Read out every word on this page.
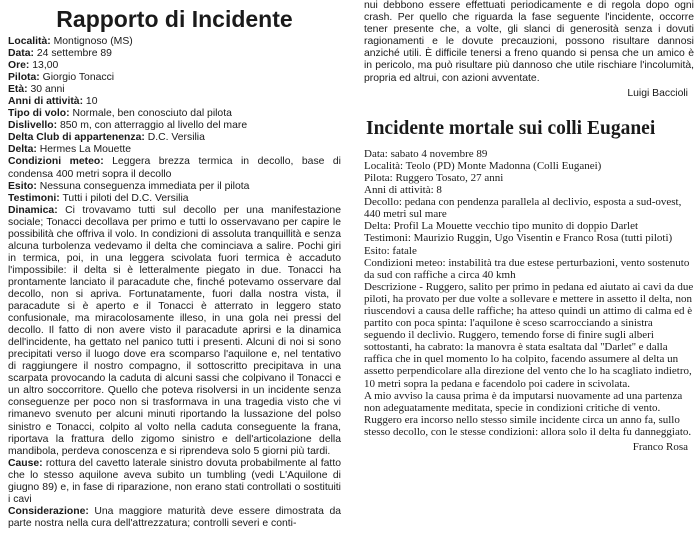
Rapporto di Incidente

Località: Montignoso (MS)

Data: 24 settembre 89

Ore: 13,00

Pilota: Giorgio Tonacci

Età: 30 anni

Anni di attività: 10

Tipo di volo: Normale, ben conosciuto dal pilota

Dislivello: 850 m, con atterraggio al livello del mare

Delta Club di appartenenza: D.C. Versilia

Delta: Hermes La Mouette

Condizioni meteo: Leggera brezza termica in decollo, base di condensa 400 metri sopra il decollo

Esito: Nessuna conseguenza immediata per il pilota

Testimoni: Tutti i piloti del D.C. Versilia

Dinamica: Ci trovavamo tutti sul decollo per una manifestazione sociale; Tonacci decollava per primo e tutti lo osservavano per capire le possibilità che offriva il volo. In condizioni di assoluta tranquillità e senza alcuna turbolenza vedevamo il delta che cominciava a salire. Pochi giri in termica, poi, in una leggera scivolata fuori termica è accaduto l'impossibile: il delta si è letteralmente piegato in due. Tonacci ha prontamente lanciato il paracadute che, finché potevamo osservare dal decollo, non si apriva. Fortunatamente, fuori dalla nostra vista, il paracadute si è aperto e il Tonacci è atterrato in leggero stato confusionale, ma miracolosamente illeso, in una gola nei pressi del decollo. Il fatto di non avere visto il paracadute aprirsi e la dinamica dell'incidente, ha gettato nel panico tutti i presenti. Alcuni di noi si sono precipitati verso il luogo dove era scomparso l'aquilone e, nel tentativo di raggiungere il nostro compagno, il sottoscritto precipitava in una scarpata provocando la caduta di alcuni sassi che colpivano il Tonacci e un altro soccorritore. Quello che poteva risolversi in un incidente senza conseguenze per poco non si trasformava in una tragedia visto che vi rimanevo svenuto per alcuni minuti riportando la lussazione del polso sinistro e Tonacci, colpito al volto nella caduta conseguente la frana, riportava la frattura dello zigomo sinistro e dell'articolazione della mandibola, perdeva conoscenza e si riprendeva solo 5 giorni più tardi.

Cause: rottura del cavetto laterale sinistro dovuta probabilmente al fatto che lo stesso aquilone aveva subito un tumbling (vedi L'Aquilone di giugno 89) e, in fase di riparazione, non erano stati controllati o sostituiti i cavi

Considerazione: Una maggiore maturità deve essere dimostrata da parte nostra nella cura dell'attrezzatura; controlli severi e conti-

nui debbono essere effettuati periodicamente e di regola dopo ogni crash. Per quello che riguarda la fase seguente l'incidente, occorre tener presente che, a volte, gli slanci di generosità senza i dovuti ragionamenti e le dovute precauzioni, possono risultare dannosi anziché utili. È difficile tenersi a freno quando si pensa che un amico è in pericolo, ma può risultare più dannoso che utile rischiare l'incolumità, propria ed altrui, con azioni avventate.

Luigi Baccioli
Incidente mortale sui colli Euganei

Data: sabato 4 novembre 89

Località: Teolo (PD) Monte Madonna (Colli Euganei)

Pilota: Ruggero Tosato, 27 anni

Anni di attività: 8

Decollo: pedana con pendenza parallela al declivio, esposta a sud-ovest, 440 metri sul mare

Delta: Profil La Mouette vecchio tipo munito di doppio Darlet

Testimoni: Maurizio Ruggin, Ugo Visentin e Franco Rosa (tutti piloti)

Esito: fatale

Condizioni meteo: instabilità tra due estese perturbazioni, vento sostenuto da sud con raffiche a circa 40 kmh

Descrizione - Ruggero, salito per primo in pedana ed aiutato ai cavi da due piloti, ha provato per due volte a sollevare e mettere in assetto il delta, non riuscendovi a causa delle raffiche; ha atteso quindi un attimo di calma ed è partito con poca spinta: l'aquilone è sceso scarrocciando a sinistra seguendo il declivio. Ruggero, temendo forse di finire sugli alberi sottostanti, ha cabrato: la manovra è stata esaltata dal ''Darlet'' e dalla raffica che in quel momento lo ha colpito, facendo assumere al delta un assetto perpendicolare alla direzione del vento che lo ha scagliato indietro, 10 metri sopra la pedana e facendolo poi cadere in scivolata.

A mio avviso la causa prima è da imputarsi nuovamente ad una partenza non adeguatamente meditata, specie in condizioni critiche di vento.

Ruggero era incorso nello stesso simile incidente circa un anno fa, sullo stesso decollo, con le stesse condizioni: allora solo il delta fu danneggiato.

Franco Rosa
